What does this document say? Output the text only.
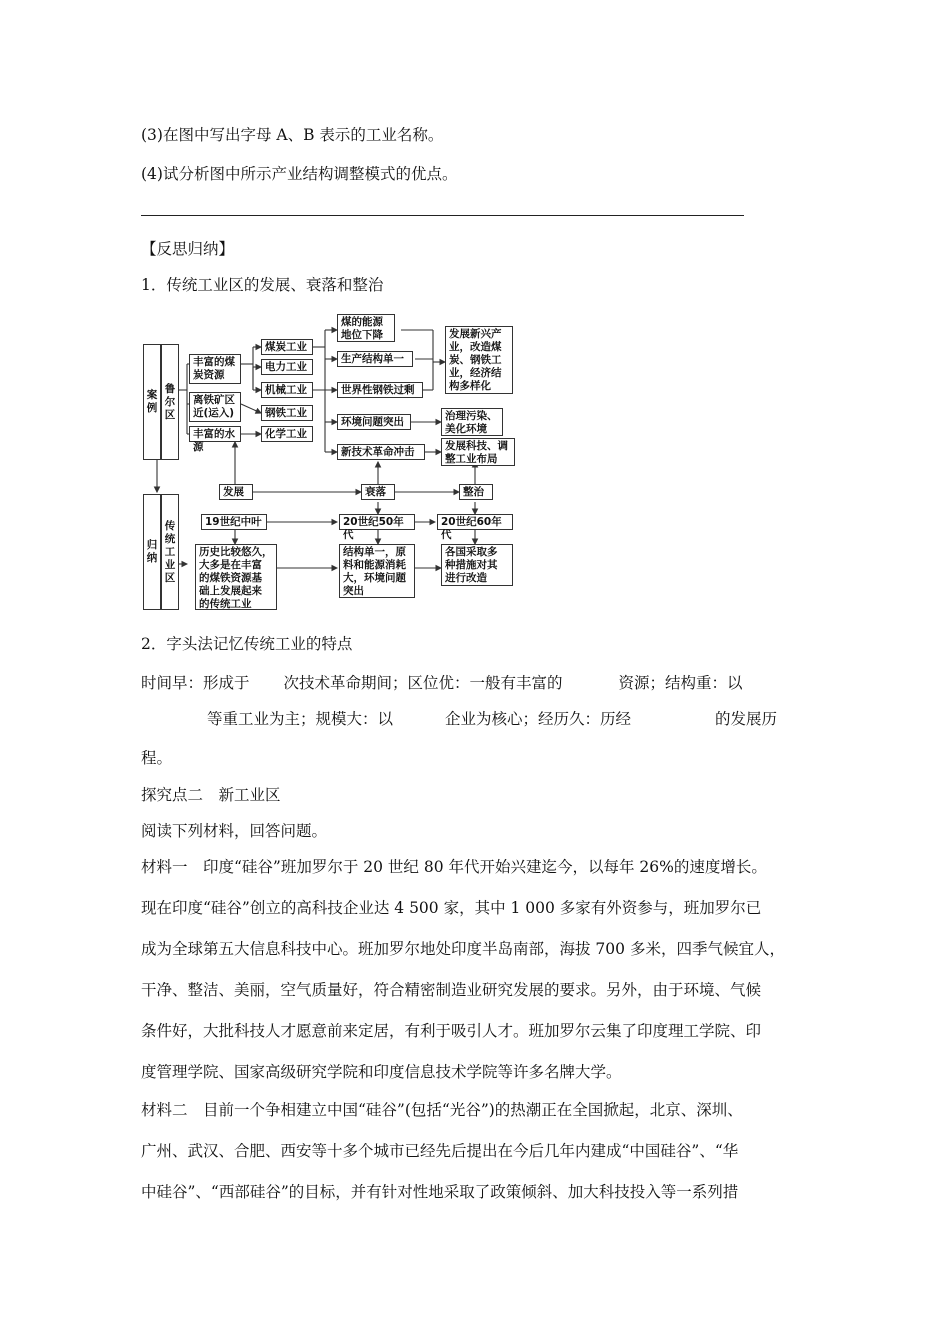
(3)在图中写出字母 A、B 表示的工业名称。
(4)试分析图中所示产业结构调整模式的优点。
【反思归纳】
1．传统工业区的发展、衰落和整治
案
例
鲁
尔
区
归
纳
传
统
工
业
区
丰富的煤
炭资源
离铁矿区
近(运入)
丰富的水源
煤炭工业
电力工业
机械工业
钢铁工业
化学工业
煤的能源
地位下降
生产结构单一
世界性钢铁过剩
环境问题突出
新技术革命冲击
发展新兴产
业，改造煤
炭、钢铁工
业，经济结
构多样化
治理污染、
美化环境
发展科技、调
整工业布局
发展	衰落	整治
19世纪中叶	20世纪50年代
20世纪60年代
历史比较悠久，
大多是在丰富
的煤铁资源基
础上发展起来
的传统工业
结构单一，原
料和能源消耗
大，环境问题
突出
各国采取多
种措施对其
进行改造
2．字头法记忆传统工业的特点
时间早：形成于 次技术革命期间；区位优：一般有丰富的	资源；结构重：以
等重工业为主；规模大：以	企业为核心；经历久：历经	的发展历
程。
探究点二　新工业区
阅读下列材料，回答问题。
材料一　印度“硅谷”班加罗尔于 20 世纪 80 年代开始兴建迄今，以每年 26%的速度增长。
现在印度“硅谷”创立的高科技企业达 4 500 家，其中 1 000 多家有外资参与，班加罗尔已
成为全球第五大信息科技中心。班加罗尔地处印度半岛南部，海拔 700 多米，四季气候宜人，
干净、整洁、美丽，空气质量好，符合精密制造业研究发展的要求。另外，由于环境、气候
条件好，大批科技人才愿意前来定居，有利于吸引人才。班加罗尔云集了印度理工学院、印
度管理学院、国家高级研究学院和印度信息技术学院等许多名牌大学。
材料二　目前一个争相建立中国“硅谷”(包括“光谷”)的热潮正在全国掀起，北京、深圳、
广州、武汉、合肥、西安等十多个城市已经先后提出在今后几年内建成“中国硅谷”、“华
中硅谷”、“西部硅谷”的目标，并有针对性地采取了政策倾斜、加大科技投入等一系列措
